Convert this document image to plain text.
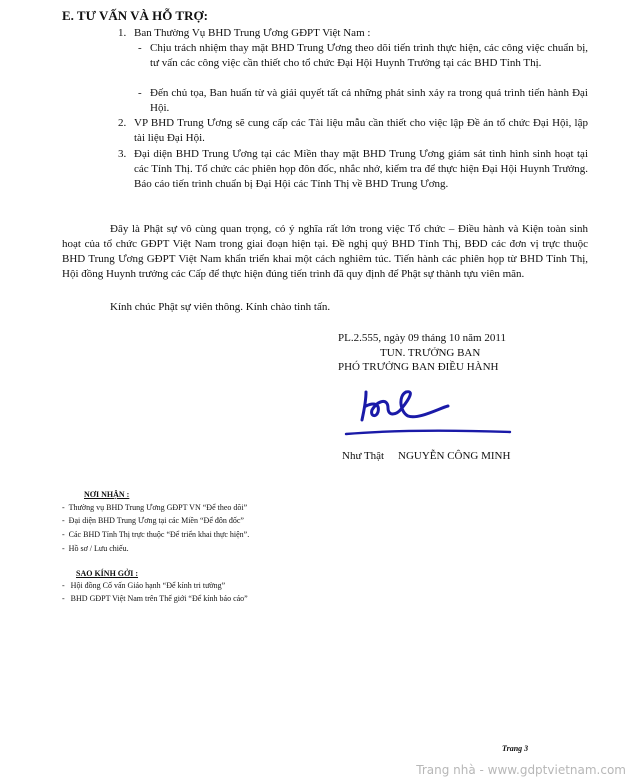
E. TƯ VẤN VÀ HỖ TRỢ:
1. Ban Thường Vụ BHD Trung Ương GĐPT Việt Nam :
- Chịu trách nhiệm thay mặt BHD Trung Ương theo dõi tiến trình thực hiện, các công việc chuẩn bị, tư vấn các công việc cần thiết cho tổ chức Đại Hội Huynh Trưởng tại các BHD Tỉnh Thị.
- Đến chủ tọa, Ban huấn từ và giải quyết tất cả những phát sinh xảy ra trong quá trình tiến hành Đại Hội.
2. VP BHD Trung Ương sẽ cung cấp các Tài liệu mẫu cần thiết cho việc lập Đề án tổ chức Đại Hội, lập tài liệu Đại Hội.
3. Đại diện BHD Trung Ương tại các Miền thay mặt BHD Trung Ương giám sát tình hình sinh hoạt tại các Tỉnh Thị. Tổ chức các phiên họp đôn đốc, nhắc nhở, kiểm tra để thực hiện Đại Hội Huynh Trưởng. Báo cáo tiến trình chuẩn bị Đại Hội các Tỉnh Thị về BHD Trung Ương.
Đây là Phật sự vô cùng quan trọng, có ý nghĩa rất lớn trong việc Tổ chức – Điều hành và Kiện toàn sinh hoạt của tổ chức GĐPT Việt Nam trong giai đoạn hiện tại. Đề nghị quý BHD Tỉnh Thị, BĐD các đơn vị trực thuộc BHD Trung Ương GĐPT Việt Nam khẩn triển khai một cách nghiêm túc. Tiến hành các phiên họp từ BHD Tỉnh Thị, Hội đồng Huynh trưởng các Cấp để thực hiện đúng tiến trình đã quy định để Phật sự thành tựu viên mãn.
Kính chúc Phật sự viên thông. Kính chào tinh tấn.
PL.2.555, ngày 09 tháng 10 năm 2011
TUN. TRƯỞNG BAN
PHÓ TRƯỞNG BAN ĐIỀU HÀNH
Như Thật NGUYỄN CÔNG MINH
NƠI NHẬN :
-  Thường vụ BHD Trung Ương GĐPT VN “Để theo dõi”
-  Đại diện BHD Trung Ương tại các Miền “Để đôn đốc”
-  Các BHD Tỉnh Thị trực thuộc “Để triển khai thực hiện”.
-  Hồ sơ / Lưu chiếu.
SAO KÍNH GỞI :
-   Hội đồng Cố vấn Giáo hạnh “Để kính tri tường”
-   BHD GĐPT Việt Nam trên Thế giới “Để kính báo cáo”
Trang 3
Trang nhà - www.gdptvietnam.com
